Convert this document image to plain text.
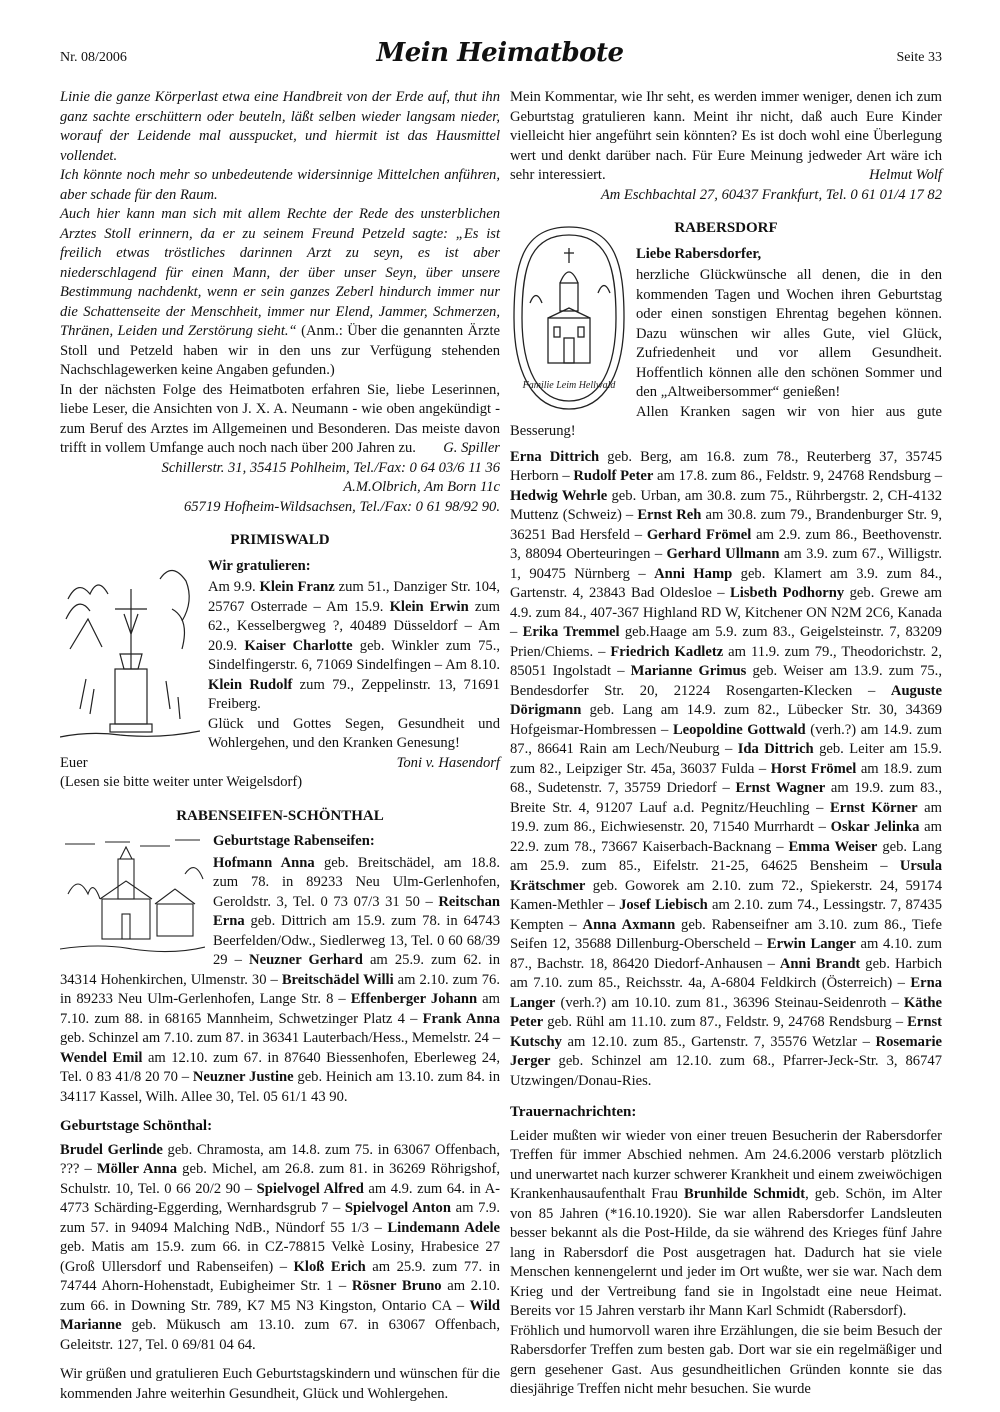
Nr. 08/2006	Mein Heimatbote	Seite 33

Linie die ganze Körperlast etwa eine Handbreit von der Erde auf, thut ihn ganz sachte erschüttern oder beuteln, läßt selben wieder langsam nieder, worauf der Leidende mal ausspucket, und hiermit ist das Hausmittel vollendet.

Ich könnte noch mehr so unbedeutende widersinnige Mittelchen anführen, aber schade für den Raum.

Auch hier kann man sich mit allem Rechte der Rede des unsterblichen Arztes Stoll erinnern, da er zu seinem Freund Petzeld sagte: „Es ist freilich etwas tröstliches darinnen Arzt zu seyn, es ist aber niederschlagend für einen Mann, der über unser Seyn, über unsere Bestimmung nachdenkt, wenn er sein ganzes Zeberl hindurch immer nur die Schattenseite der Menschheit, immer nur Elend, Jammer, Schmerzen, Thränen, Leiden und Zerstörung sieht.“ (Anm.: Über die genannten Ärzte Stoll und Petzeld haben wir in den uns zur Verfügung stehenden Nachschlagewerken keine Angaben gefunden.)

In der nächsten Folge des Heimatboten erfahren Sie, liebe Leserinnen, liebe Leser, die Ansichten von J. X. A. Neumann - wie oben angekündigt - zum Beruf des Arztes im Allgemeinen und Besonderen. Das meiste davon trifft in vollem Umfange auch noch nach über 200 Jahren zu. G. Spiller

Schillerstr. 31, 35415 Pohlheim, Tel./Fax: 0 64 03/6 11 36

A.M.Olbrich, Am Born 11c

65719 Hofheim-Wildsachsen, Tel./Fax: 0 61 98/92 90.

PRIMISWALD
Wir gratulieren:

Am 9.9. Klein Franz zum 51., Danziger Str. 104, 25767 Osterrade – Am 15.9. Klein Erwin zum 62., Kesselbergweg ?, 40489 Düsseldorf – Am 20.9. Kaiser Charlotte geb. Winkler zum 75., Sindelfingerstr. 6, 71069 Sindelfingen – Am 8.10. Klein Rudolf zum 79., Zeppelinstr. 13, 71691 Freiberg.

Glück und Gottes Segen, Gesundheit und Wohlergehen, und den Kranken Genesung!

Euer	Toni v. Hasendorf

(Lesen sie bitte weiter unter Weigelsdorf)

RABENSEIFEN-SCHÖNTHAL
Geburtstage Rabenseifen:

Hofmann Anna geb. Breitschädel, am 18.8. zum 78. in 89233 Neu Ulm-Gerlenhofen, Geroldstr. 3, Tel. 0 73 07/3 31 50 – Reitschan Erna geb. Dittrich am 15.9. zum 78. in 64743 Beerfelden/Odw., Siedlerweg 13, Tel. 0 60 68/39 29 – Neuzner Gerhard am 25.9. zum 62. in 34314 Hohenkirchen, Ulmenstr. 30 – Breitschädel Willi am 2.10. zum 76. in 89233 Neu Ulm-Gerlenhofen, Lange Str. 8 – Effenberger Johann am 7.10. zum 88. in 68165 Mannheim, Schwetzinger Platz 4 – Frank Anna geb. Schinzel am 7.10. zum 87. in 36341 Lauterbach/Hess., Memelstr. 24 – Wendel Emil am 12.10. zum 67. in 87640 Biessenhofen, Eberleweg 24, Tel. 0 83 41/8 20 70 – Neuzner Justine geb. Heinich am 13.10. zum 84. in 34117 Kassel, Wilh. Allee 30, Tel. 05 61/1 43 90.

Geburtstage Schönthal:

Brudel Gerlinde geb. Chramosta, am 14.8. zum 75. in 63067 Offenbach, ??? – Möller Anna geb. Michel, am 26.8. zum 81. in 36269 Röhrigshof, Schulstr. 10, Tel. 0 66 20/2 90 – Spielvogel Alfred am 4.9. zum 64. in A-4773 Schärding-Eggerding, Wernhardsgrub 7 – Spielvogel Anton am 7.9. zum 57. in 94094 Malching NdB., Nündorf 55 1/3 – Lindemann Adele geb. Matis am 15.9. zum 66. in CZ-78815 Velkè Losiny, Hrabesice 27 (Groß Ullersdorf und Rabenseifen) – Kloß Erich am 25.9. zum 77. in 74744 Ahorn-Hohenstadt, Eubigheimer Str. 1 – Rösner Bruno am 2.10. zum 66. in Downing Str. 789, K7 M5 N3 Kingston, Ontario CA – Wild Marianne geb. Mükusch am 13.10. zum 67. in 63067 Offenbach, Geleitstr. 127, Tel. 0 69/81 04 64.

Wir grüßen und gratulieren Euch Geburtstagskindern und wünschen für die kommenden Jahre weiterhin Gesundheit, Glück und Wohlergehen.

Mein Kommentar, wie Ihr seht, es werden immer weniger, denen ich zum Geburtstag gratulieren kann. Meint ihr nicht, daß auch Eure Kinder vielleicht hier angeführt sein könnten? Es ist doch wohl eine Überlegung wert und denkt darüber nach. Für Eure Meinung jedweder Art wäre ich sehr interessiert.	Helmut Wolf

Am Eschbachtal 27, 60437 Frankfurt, Tel. 0 61 01/4 17 82

RABERSDORF
Familie Leim Hellwald
Liebe Rabersdorfer,

herzliche Glückwünsche all denen, die in den kommenden Tagen und Wochen ihren Geburtstag oder einen sonstigen Ehrentag begehen können. Dazu wünschen wir alles Gute, viel Glück, Zufriedenheit und vor allem Gesundheit. Hoffentlich können alle den schönen Sommer und den „Altweibersommer“ genießen!

Allen Kranken sagen wir von hier aus gute Besserung!

Erna Dittrich geb. Berg, am 16.8. zum 78., Reuterberg 37, 35745 Herborn – Rudolf Peter am 17.8. zum 86., Feldstr. 9, 24768 Rendsburg – Hedwig Wehrle geb. Urban, am 30.8. zum 75., Rührbergstr. 2, CH-4132 Muttenz (Schweiz) – Ernst Reh am 30.8. zum 79., Brandenburger Str. 9, 36251 Bad Hersfeld – Gerhard Frömel am 2.9. zum 86., Beethovenstr. 3, 88094 Oberteuringen – Gerhard Ullmann am 3.9. zum 67., Willigstr. 1, 90475 Nürnberg – Anni Hamp geb. Klamert am 3.9. zum 84., Gartenstr. 4, 23843 Bad Oldesloe – Lisbeth Podhorny geb. Grewe am 4.9. zum 84., 407-367 Highland RD W, Kitchener ON N2M 2C6, Kanada – Erika Tremmel geb.Haage am 5.9. zum 83., Geigelsteinstr. 7, 83209 Prien/Chiems. – Friedrich Kadletz am 11.9. zum 79., Theodorichstr. 2, 85051 Ingolstadt – Marianne Grimus geb. Weiser am 13.9. zum 75., Bendesdorfer Str. 20, 21224 Rosengarten-Klecken – Auguste Dörigmann geb. Lang am 14.9. zum 82., Lübecker Str. 30, 34369 Hofgeismar-Hombressen – Leopoldine Gottwald (verh.?) am 14.9. zum 87., 86641 Rain am Lech/Neuburg – Ida Dittrich geb. Leiter am 15.9. zum 82., Leipziger Str. 45a, 36037 Fulda – Horst Frömel am 18.9. zum 68., Sudetenstr. 7, 35759 Driedorf – Ernst Wagner am 19.9. zum 83., Breite Str. 4, 91207 Lauf a.d. Pegnitz/Heuchling – Ernst Körner am 19.9. zum 86., Eichwiesenstr. 20, 71540 Murrhardt – Oskar Jelinka am 22.9. zum 78., 73667 Kaiserbach-Backnang – Emma Weiser geb. Lang am 25.9. zum 85., Eifelstr. 21-25, 64625 Bensheim – Ursula Krätschmer geb. Goworek am 2.10. zum 72., Spiekerstr. 24, 59174 Kamen-Methler – Josef Liebisch am 2.10. zum 74., Lessingstr. 7, 87435 Kempten – Anna Axmann geb. Rabenseifner am 3.10. zum 86., Tiefe Seifen 12, 35688 Dillenburg-Oberscheld – Erwin Langer am 4.10. zum 87., Bachstr. 18, 86420 Diedorf-Anhausen – Anni Brandt geb. Harbich am 7.10. zum 85., Reichsstr. 4a, A-6804 Feldkirch (Österreich) – Erna Langer (verh.?) am 10.10. zum 81., 36396 Steinau-Seidenroth – Käthe Peter geb. Rühl am 11.10. zum 87., Feldstr. 9, 24768 Rendsburg – Ernst Kutschy am 12.10. zum 85., Gartenstr. 7, 35576 Wetzlar – Rosemarie Jerger geb. Schinzel am 12.10. zum 68., Pfarrer-Jeck-Str. 3, 86747 Utzwingen/Donau-Ries.

Trauernachrichten:

Leider mußten wir wieder von einer treuen Besucherin der Rabersdorfer Treffen für immer Abschied nehmen. Am 24.6.2006 verstarb plötzlich und unerwartet nach kurzer schwerer Krankheit und einem zweiwöchigen Krankenhausaufenthalt Frau Brunhilde Schmidt, geb. Schön, im Alter von 85 Jahren (*16.10.1920). Sie war allen Rabersdorfer Landsleuten besser bekannt als die Post-Hilde, da sie während des Krieges fünf Jahre lang in Rabersdorf die Post ausgetragen hat. Dadurch hat sie viele Menschen kennengelernt und jeder im Ort wußte, wer sie war. Nach dem Krieg und der Vertreibung fand sie in Ingolstadt eine neue Heimat. Bereits vor 15 Jahren verstarb ihr Mann Karl Schmidt (Rabersdorf).

Fröhlich und humorvoll waren ihre Erzählungen, die sie beim Besuch der Rabersdorfer Treffen zum besten gab. Dort war sie ein regelmäßiger und gern gesehener Gast. Aus gesundheitlichen Gründen konnte sie das diesjährige Treffen nicht mehr besuchen. Sie wurde
